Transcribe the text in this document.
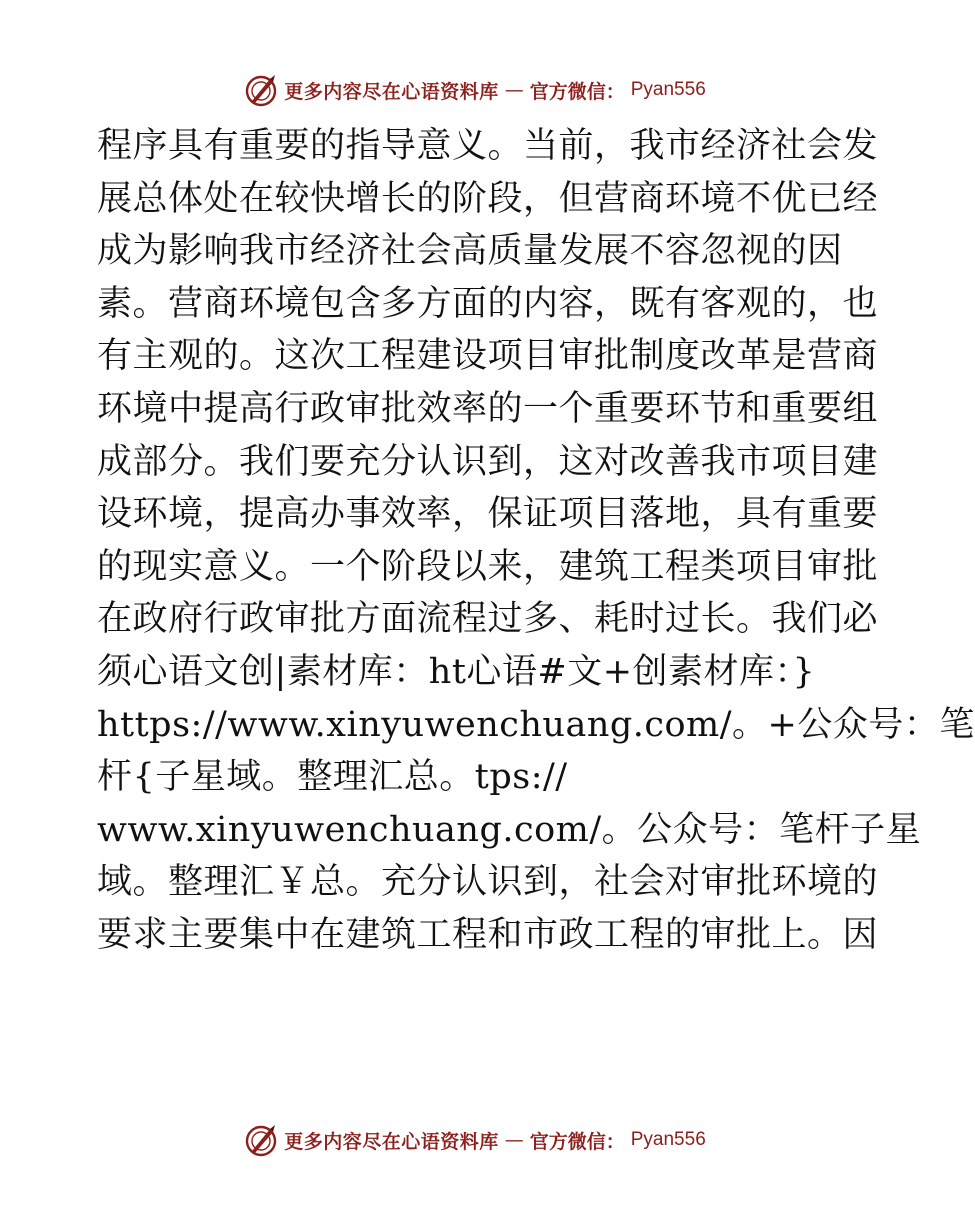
更多内容尽在心语资料库 — 官方微信： Pyan556
程序具有重要的指导意义。当前，我市经济社会发
展总体处在较快增长的阶段，但营商环境不优已经
成为影响我市经济社会高质量发展不容忽视的因
素。营商环境包含多方面的内容，既有客观的，也
有主观的。这次工程建设项目审批制度改革是营商
环境中提高行政审批效率的一个重要环节和重要组
成部分。我们要充分认识到，这对改善我市项目建
设环境，提高办事效率，保证项目落地，具有重要
的现实意义。一个阶段以来，建筑工程类项目审批
在政府行政审批方面流程过多、耗时过长。我们必
须心语文创|素材库：ht心语#文+创素材库：}
https://www.xinyuwenchuang.com/。+公众号：笔
杆{子星域。整理汇总。tps://
www.xinyuwenchuang.com/。公众号：笔杆子星
域。整理汇￥总。充分认识到，社会对审批环境的
要求主要集中在建筑工程和市政工程的审批上。因
更多内容尽在心语资料库 — 官方微信： Pyan556
